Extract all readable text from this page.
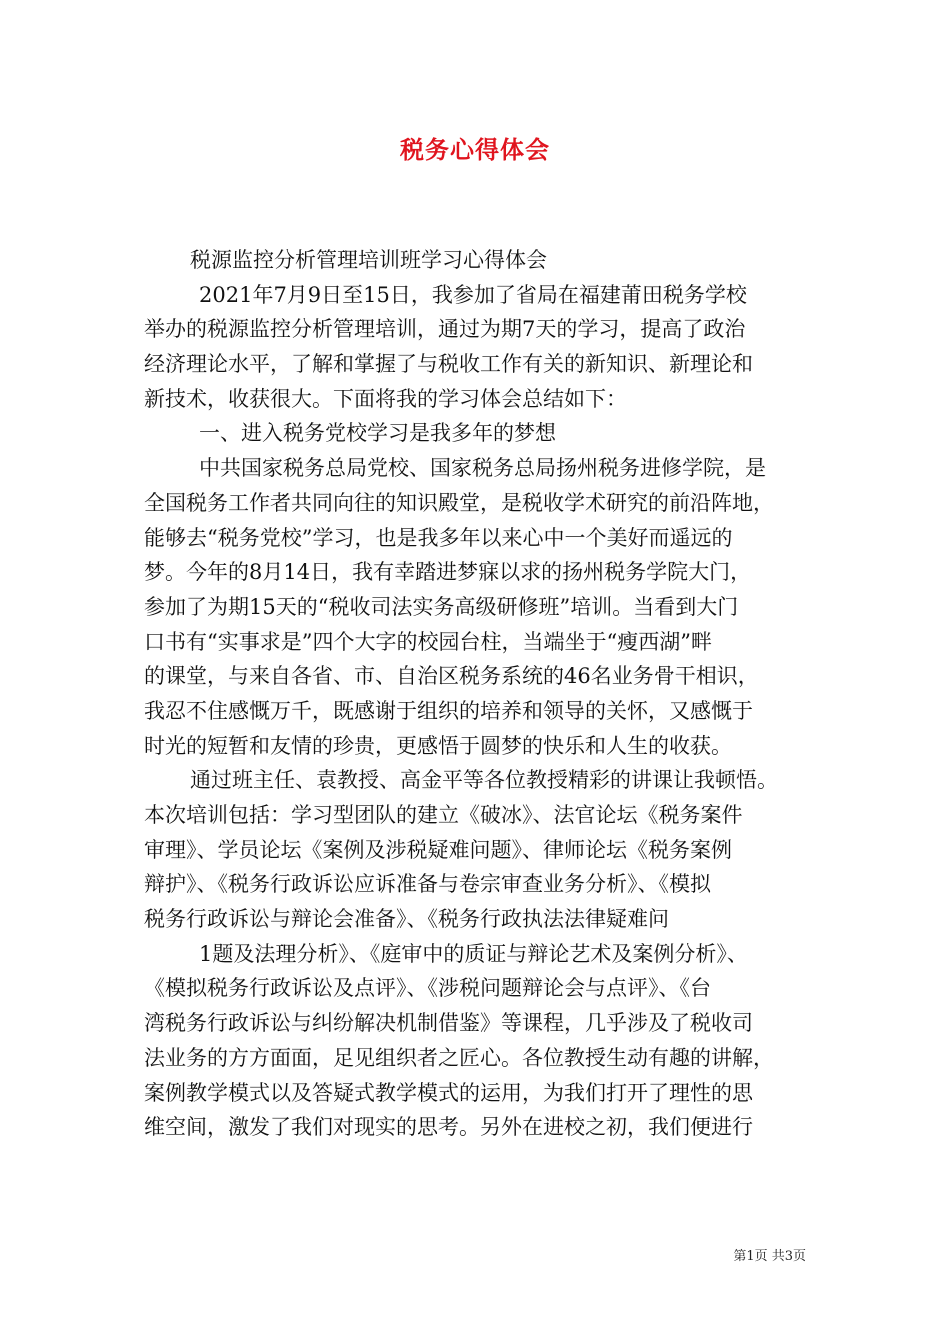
税务心得体会
税源监控分析管理培训班学习心得体会
2021年7月9日至15日，我参加了省局在福建莆田税务学校
举办的税源监控分析管理培训，通过为期7天的学习，提高了政治
经济理论水平，了解和掌握了与税收工作有关的新知识、新理论和
新技术，收获很大。下面将我的学习体会总结如下：
一、进入税务党校学习是我多年的梦想
中共国家税务总局党校、国家税务总局扬州税务进修学院，是
全国税务工作者共同向往的知识殿堂，是税收学术研究的前沿阵地，
能够去“税务党校”学习，也是我多年以来心中一个美好而遥远的
梦。今年的8月14日，我有幸踏进梦寐以求的扬州税务学院大门，
参加了为期15天的“税收司法实务高级研修班”培训。当看到大门
口书有“实事求是”四个大字的校园台柱，当端坐于“瘦西湖”畔
的课堂，与来自各省、市、自治区税务系统的46名业务骨干相识，
我忍不住感慨万千，既感谢于组织的培养和领导的关怀，又感慨于
时光的短暂和友情的珍贵，更感悟于圆梦的快乐和人生的收获。
通过班主任、袁教授、高金平等各位教授精彩的讲课让我顿悟。
本次培训包括：学习型团队的建立《破冰》、法官论坛《税务案件
审理》、学员论坛《案例及涉税疑难问题》、律师论坛《税务案例
辩护》、《税务行政诉讼应诉准备与卷宗审查业务分析》、《模拟
税务行政诉讼与辩论会准备》、《税务行政执法法律疑难问
1题及法理分析》、《庭审中的质证与辩论艺术及案例分析》、
《模拟税务行政诉讼及点评》、《涉税问题辩论会与点评》、《台
湾税务行政诉讼与纠纷解决机制借鉴》等课程，几乎涉及了税收司
法业务的方方面面，足见组织者之匠心。各位教授生动有趣的讲解，
案例教学模式以及答疑式教学模式的运用，为我们打开了理性的思
维空间，激发了我们对现实的思考。另外在进校之初，我们便进行
第1页 共3页
